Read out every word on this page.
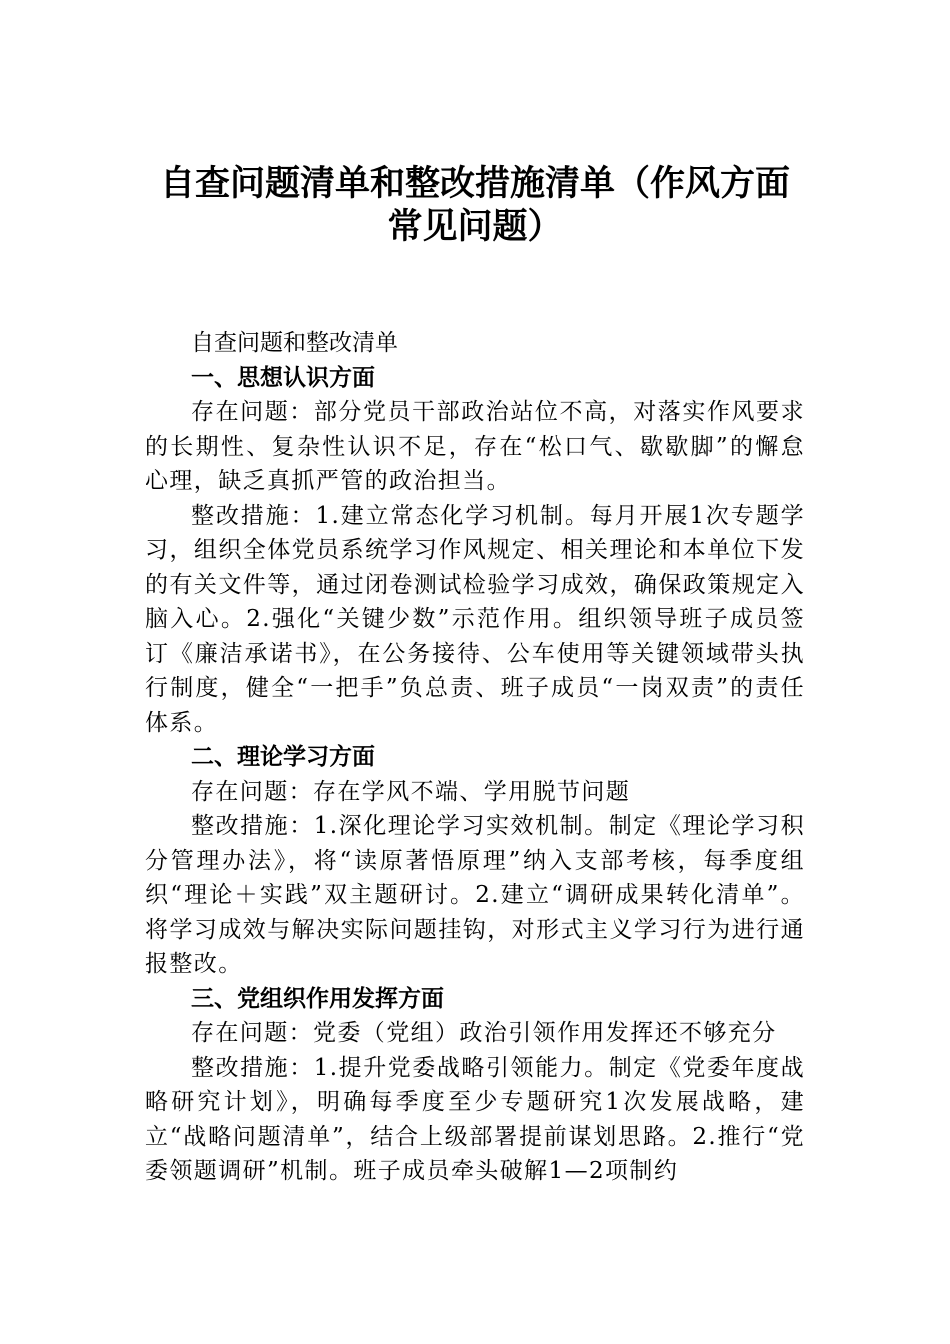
自查问题清单和整改措施清单（作风方面
常见问题）

自查问题和整改清单

一、思想认识方面

存在问题：部分党员干部政治站位不高，对落实作风要求的长期性、复杂性认识不足，存在“松口气、歇歇脚”的懈怠心理，缺乏真抓严管的政治担当。

整改措施：1.建立常态化学习机制。每月开展1次专题学习，组织全体党员系统学习作风规定、相关理论和本单位下发的有关文件等，通过闭卷测试检验学习成效，确保政策规定入脑入心。2.强化“关键少数”示范作用。组织领导班子成员签订《廉洁承诺书》，在公务接待、公车使用等关键领域带头执行制度，健全“一把手”负总责、班子成员“一岗双责”的责任体系。

二、理论学习方面

存在问题：存在学风不端、学用脱节问题

整改措施：1.深化理论学习实效机制。制定《理论学习积分管理办法》，将“读原著悟原理”纳入支部考核，每季度组织“理论＋实践”双主题研讨。2.建立“调研成果转化清单”。将学习成效与解决实际问题挂钩，对形式主义学习行为进行通报整改。

三、党组织作用发挥方面

存在问题：党委（党组）政治引领作用发挥还不够充分

整改措施：1.提升党委战略引领能力。制定《党委年度战略研究计划》，明确每季度至少专题研究1次发展战略，建立“战略问题清单”，结合上级部署提前谋划思路。2.推行“党委领题调研”机制。班子成员牵头破解1—2项制约
